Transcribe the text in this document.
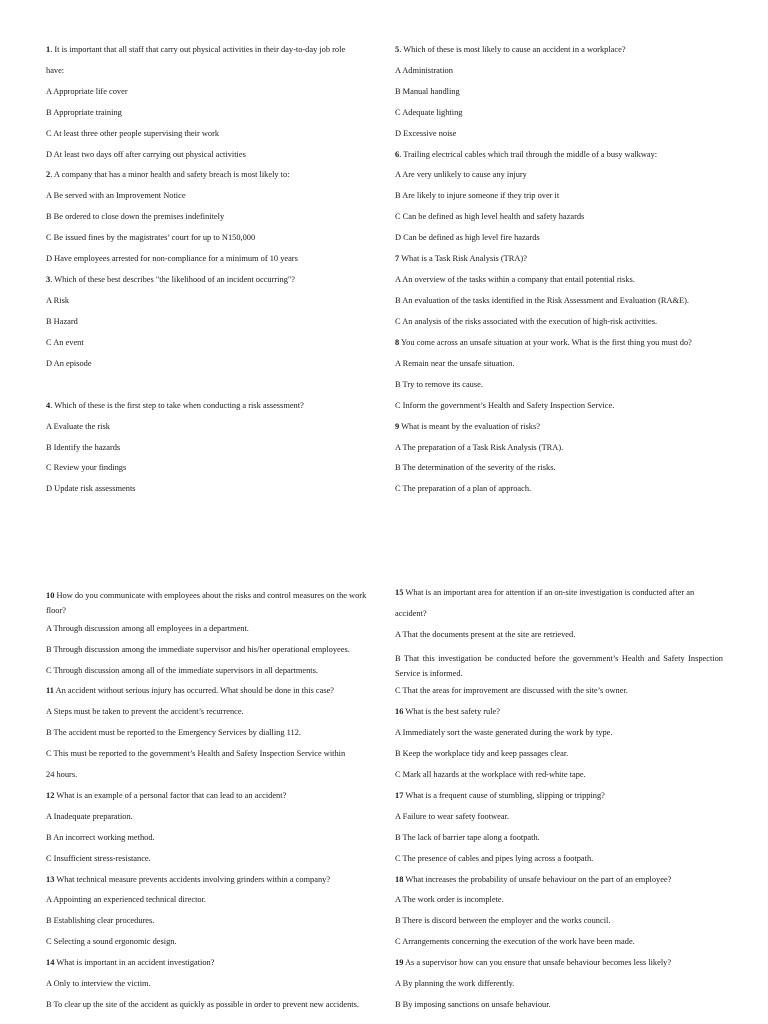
1. It is important that all staff that carry out physical activities in their day-to-day job role
have:
A Appropriate life cover
B Appropriate training
C At least three other people supervising their work
D At least two days off after carrying out physical activities
2. A company that has a minor health and safety breach is most likely to:
A Be served with an Improvement Notice
B Be ordered to close down the premises indefinitely
C Be issued fines by the magistrates’ court for up to N150,000
D Have employees arrested for non-compliance for a minimum of 10 years
3. Which of these best describes "the likelihood of an incident occurring"?
A Risk
B Hazard
C An event
D An episode
4. Which of these is the first step to take when conducting a risk assessment?
A Evaluate the risk
B Identify the hazards
C Review your findings
D Update risk assessments
5. Which of these is most likely to cause an accident in a workplace?
A Administration
B Manual handling
C Adequate lighting
D Excessive noise
6. Trailing electrical cables which trail through the middle of a busy walkway:
A Are very unlikely to cause any injury
B Are likely to injure someone if they trip over it
C Can be defined as high level health and safety hazards
D Can be defined as high level fire hazards
7 What is a Task Risk Analysis (TRA)?
A An overview of the tasks within a company that entail potential risks.
B An evaluation of the tasks identified in the Risk Assessment and Evaluation (RA&E).
C An analysis of the risks associated with the execution of high-risk activities.
8 You come across an unsafe situation at your work. What is the first thing you must do?
A Remain near the unsafe situation.
B Try to remove its cause.
C Inform the government’s Health and Safety Inspection Service.
9 What is meant by the evaluation of risks?
A The preparation of a Task Risk Analysis (TRA).
B The determination of the severity of the risks.
C The preparation of a plan of approach.
10 How do you communicate with employees about the risks and control measures on the work floor?
A Through discussion among all employees in a department.
B Through discussion among the immediate supervisor and his/her operational employees.
C Through discussion among all of the immediate supervisors in all departments.
11 An accident without serious injury has occurred. What should be done in this case?
A Steps must be taken to prevent the accident’s recurrence.
B The accident must be reported to the Emergency Services by dialling 112.
C This must be reported to the government’s Health and Safety Inspection Service within
24 hours.
12 What is an example of a personal factor that can lead to an accident?
A Inadequate preparation.
B An incorrect working method.
C Insufficient stress-resistance.
13 What technical measure prevents accidents involving grinders within a company?
A Appointing an experienced technical director.
B Establishing clear procedures.
C Selecting a sound ergonomic design.
14 What is important in an accident investigation?
A Only to interview the victim.
B To clear up the site of the accident as quickly as possible in order to prevent new accidents.
15 What is an important area for attention if an on-site investigation is conducted after an
accident?
A That the documents present at the site are retrieved.
B That this investigation be conducted before the government’s Health and Safety Inspection Service is informed.
C That the areas for improvement are discussed with the site’s owner.
16 What is the best safety rule?
A Immediately sort the waste generated during the work by type.
B Keep the workplace tidy and keep passages clear.
C Mark all hazards at the workplace with red-white tape.
17 What is a frequent cause of stumbling, slipping or tripping?
A Failure to wear safety footwear.
B The lack of barrier tape along a footpath.
C The presence of cables and pipes lying across a footpath.
18 What increases the probability of unsafe behaviour on the part of an employee?
A The work order is incomplete.
B There is discord between the employer and the works council.
C Arrangements concerning the execution of the work have been made.
19 As a supervisor how can you ensure that unsafe behaviour becomes less likely?
A By planning the work differently.
B By imposing sanctions on unsafe behaviour.
